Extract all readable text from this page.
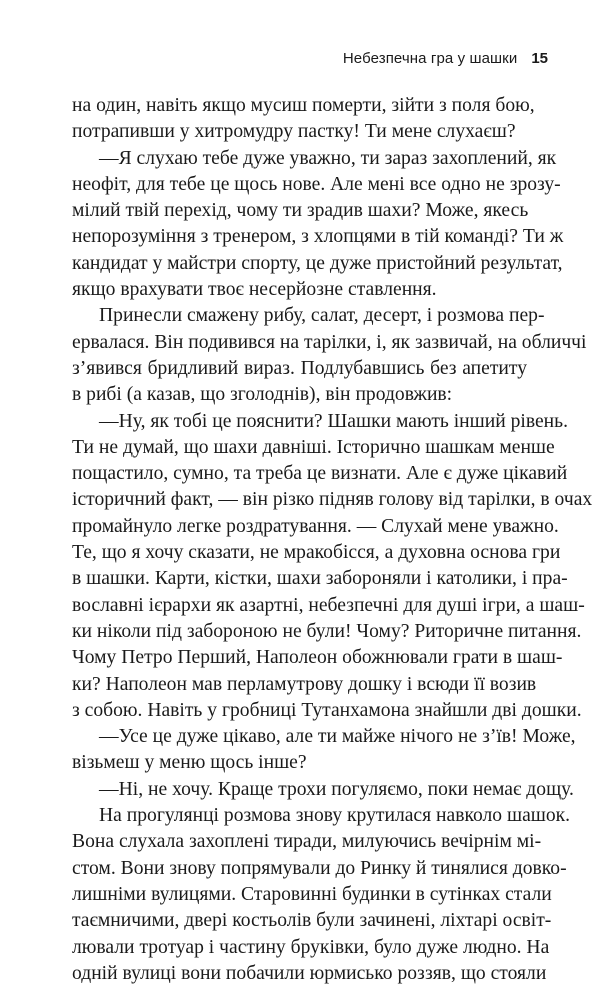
Небезпечна гра у шашки 15
на один, навіть якщо мусиш померти, зійти з поля бою,
потрапивши у хитромудру пастку! Ти мене слухаєш?
—Я слухаю тебе дуже уважно, ти зараз захоплений, як
неофіт, для тебе це щось нове. Але мені все одно не зрозу-
мілий твій перехід, чому ти зрадив шахи? Може, якесь
непорозуміння з тренером, з хлопцями в тій команді? Ти ж
кандидат у майстри спорту, це дуже пристойний результат,
якщо врахувати твоє несерйозне ставлення.
Принесли смажену рибу, салат, десерт, і розмова пер-
ервалася. Він подивився на тарілки, і, як зазвичай, на обличчі
з’явився бридливий вираз. Подлубавшись без апетиту
в рибі (а казав, що зголоднів), він продовжив:
—Ну, як тобі це пояснити? Шашки мають інший рівень.
Ти не думай, що шахи давніші. Історично шашкам менше
пощастило, сумно, та треба це визнати. Але є дуже цікавий
історичний факт, — він різко підняв голову від тарілки, в очах
промайнуло легке роздратування. — Слухай мене уважно.
Те, що я хочу сказати, не мракобісся, а духовна основа гри
в шашки. Карти, кістки, шахи забороняли і католики, і пра-
вославні ієрархи як азартні, небезпечні для душі ігри, а шаш-
ки ніколи під забороною не були! Чому? Риторичне питання.
Чому Петро Перший, Наполеон обожнювали грати в шаш-
ки? Наполеон мав перламутрову дошку і всюди її возив
з собою. Навіть у гробниці Тутанхамона знайшли дві дошки.
—Усе це дуже цікаво, але ти майже нічого не з’їв! Може,
візьмеш у меню щось інше?
—Ні, не хочу. Краще трохи погуляємо, поки немає дощу.
На прогулянці розмова знову крутилася навколо шашок.
Вона слухала захоплені тиради, милуючись вечірнім мі-
стом. Вони знову попрямували до Ринку й тинялися довко-
лишніми вулицями. Старовинні будинки в сутінках стали
таємничими, двері костьолів були зачинені, ліхтарі освіт-
лювали тротуар і частину бруківки, було дуже людно. На
одній вулиці вони побачили юрмисько роззяв, що стояли
